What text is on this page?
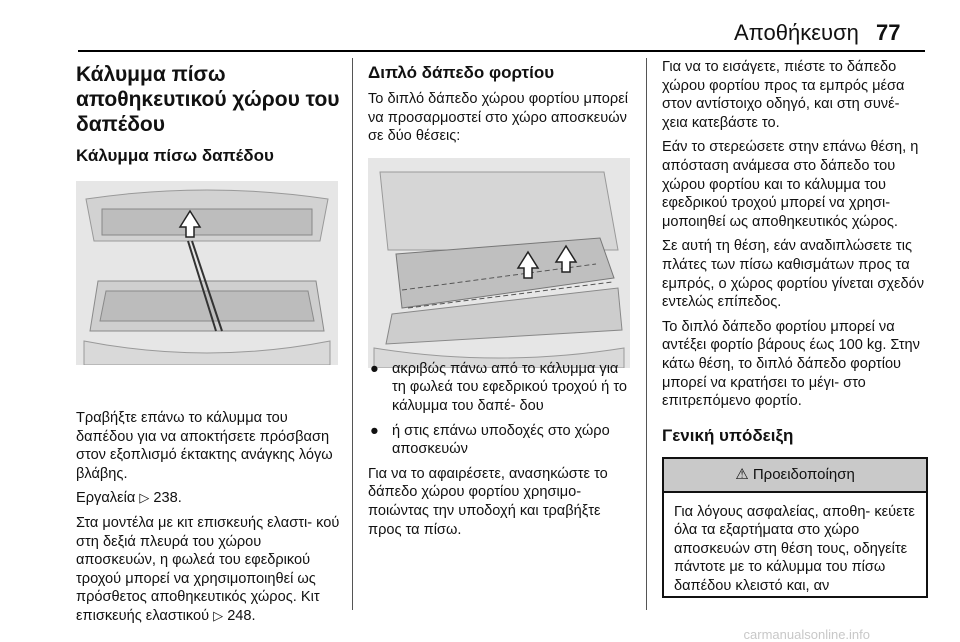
Αποθήκευση 77
Κάλυμμα πίσω αποθηκευτικού χώρου του δαπέδου
Κάλυμμα πίσω δαπέδου

Τραβήξτε επάνω το κάλυμμα του δαπέδου για να αποκτήσετε πρόσβαση στον εξοπλισμό έκτακτης ανάγκης λόγω βλάβης.

Εργαλεία ▷ 238.

Στα μοντέλα με κιτ επισκευής ελαστι- κού στη δεξιά πλευρά του χώρου αποσκευών, η φωλεά του εφεδρικού τροχού μπορεί να χρησιμοποιηθεί ως πρόσθετος αποθηκευτικός χώρος. Κιτ επισκευής ελαστικού ▷ 248.

Διπλό δάπεδο φορτίου

Το διπλό δάπεδο χώρου φορτίου μπορεί να προσαρμοστεί στο χώρο αποσκευών σε δύο θέσεις:

● ακριβώς πάνω από το κάλυμμα για τη φωλεά του εφεδρικού τροχού ή το κάλυμμα του δαπέ- δου
● ή στις επάνω υποδοχές στο χώρο αποσκευών

Για να το αφαιρέσετε, ανασηκώστε το δάπεδο χώρου φορτίου χρησιμο- ποιώντας την υποδοχή και τραβήξτε προς τα πίσω.

Για να το εισάγετε, πιέστε το δάπεδο χώρου φορτίου προς τα εμπρός μέσα στον αντίστοιχο οδηγό, και στη συνέ- χεια κατεβάστε το.

Εάν το στερεώσετε στην επάνω θέση, η απόσταση ανάμεσα στο δάπεδο του χώρου φορτίου και το κάλυμμα του εφεδρικού τροχού μπορεί να χρησι- μοποιηθεί ως αποθηκευτικός χώρος.

Σε αυτή τη θέση, εάν αναδιπλώσετε τις πλάτες των πίσω καθισμάτων προς τα εμπρός, ο χώρος φορτίου γίνεται σχεδόν εντελώς επίπεδος.

Το διπλό δάπεδο φορτίου μπορεί να αντέξει φορτίο βάρους έως 100 kg. Στην κάτω θέση, το διπλό δάπεδο φορτίου μπορεί να κρατήσει το μέγι- στο επιτρεπόμενο φορτίο.

Γενική υπόδειξη
⚠ Προειδοποίηση
Για λόγους ασφαλείας, αποθη- κεύετε όλα τα εξαρτήματα στο χώρο αποσκευών στη θέση τους, οδηγείτε πάντοτε με το κάλυμμα του πίσω δαπέδου κλειστό και, αν
carmanualsonline.info
